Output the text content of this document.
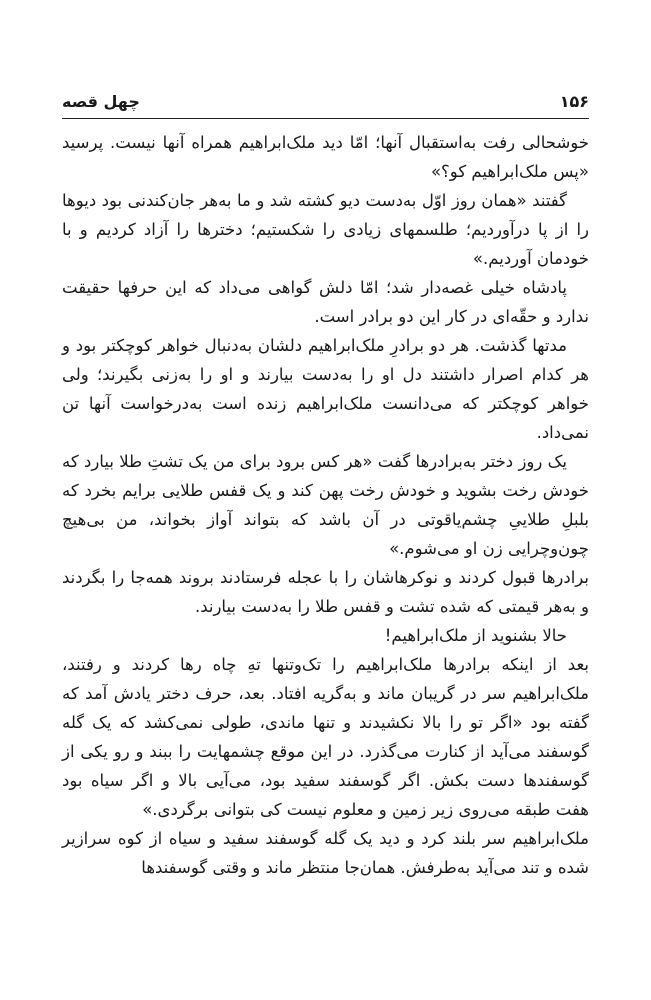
۱۵۶
چهل قصه

خوشحالی رفت به‌استقبال آنها؛ امّا دید ملک‌ابراهیم همراه آنها نیست. پرسید «پس ملک‌ابراهیم کو؟»

گفتند «همان روز اوّل به‌دست دیو کشته شد و ما به‌هر جان‌کندنی بود دیوها را از پا درآوردیم؛ طلسمهای زیادی را شکستیم؛ دخترها را آزاد کردیم و با خودمان آوردیم.»

پادشاه خیلی غصه‌دار شد؛ امّا دلش گواهی می‌داد که این حرفها حقیقت ندارد و حقّه‌ای در کار این دو برادر است.

مدتها گذشت. هر دو برادرِ ملک‌ابراهیم دلشان به‌دنبال خواهر کوچکتر بود و هر کدام اصرار داشتند دل او را به‌دست بیارند و او را به‌زنی بگیرند؛ ولی خواهر کوچکتر که می‌دانست ملک‌ابراهیم زنده است به‌درخواست آنها تن نمی‌داد.

یک روز دختر به‌برادرها گفت «هر کس برود برای من یک تشتِ طلا بیارد که خودش رخت بشوید و خودش رخت پهن کند و یک قفس طلایی برایم بخرد که بلبلِ طلاییِ چشم‌یاقوتی در آن باشد که بتواند آواز بخواند، من بی‌هیچ چون‌وچرایی زن او می‌شوم.»

برادرها قبول کردند و نوکرهاشان را با عجله فرستادند بروند همه‌جا را بگردند و به‌هر قیمتی که شده تشت و قفس طلا را به‌دست بیارند.

حالا بشنوید از ملک‌ابراهیم!

بعد از اینکه برادرها ملک‌ابراهیم را تک‌وتنها تهِ چاه رها کردند و رفتند، ملک‌ابراهیم سر در گریبان ماند و به‌گریه افتاد. بعد، حرف دختر یادش آمد که گفته بود «اگر تو را بالا نکشیدند و تنها ماندی، طولی نمی‌کشد که یک گله گوسفند می‌آید از کنارت می‌گذرد. در این موقع چشمهایت را ببند و رو یکی از گوسفندها دست بکش. اگر گوسفند سفید بود، می‌آیی بالا و اگر سیاه بود هفت طبقه می‌روی زیر زمین و معلوم نیست کی بتوانی برگردی.»

ملک‌ابراهیم سر بلند کرد و دید یک گله گوسفند سفید و سیاه از کوه سرازیر شده و تند می‌آید به‌طرفش. همان‌جا منتظر ماند و وقتی گوسفندها
